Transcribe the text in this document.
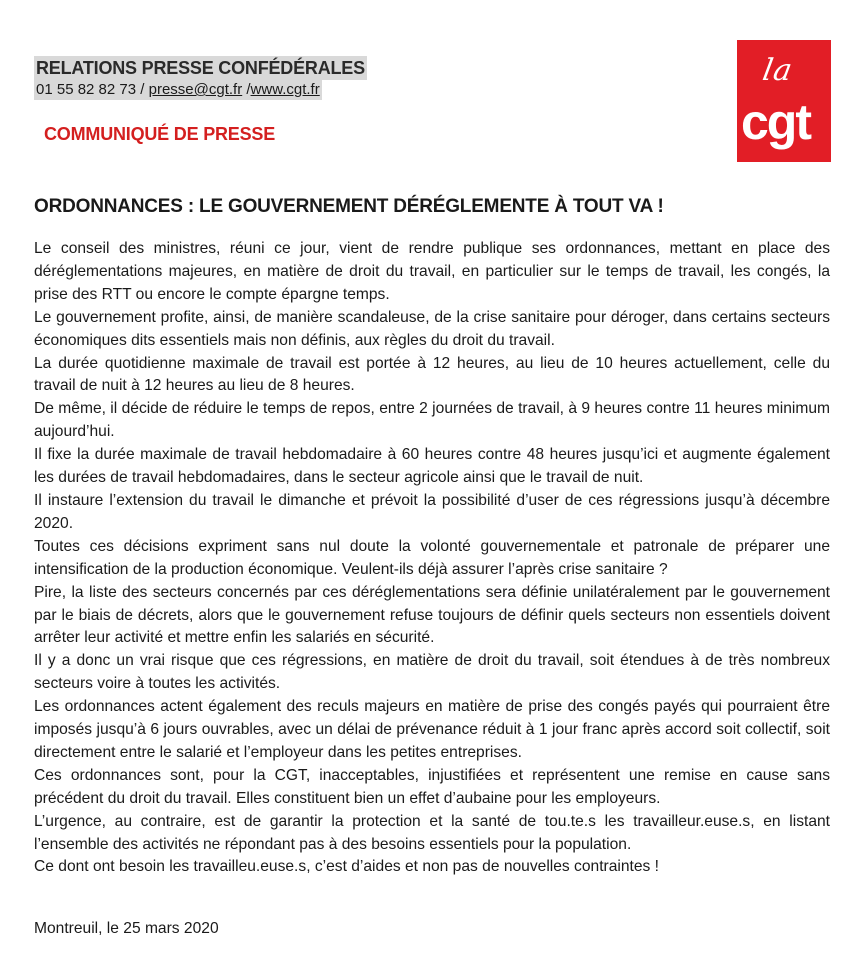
RELATIONS PRESSE CONFÉDÉRALES
01 55 82 82 73 / presse@cgt.fr /www.cgt.fr
COMMUNIQUÉ DE PRESSE
la
cgt
ORDONNANCES : LE GOUVERNEMENT DÉRÉGLEMENTE À TOUT VA !

Le conseil des ministres, réuni ce jour, vient de rendre publique ses ordonnances, mettant en place des déréglementations majeures, en matière de droit du travail, en particulier sur le temps de travail, les congés, la prise des RTT ou encore le compte épargne temps.

Le gouvernement profite, ainsi, de manière scandaleuse, de la crise sanitaire pour déroger, dans certains secteurs économiques dits essentiels mais non définis, aux règles du droit du travail.

La durée quotidienne maximale de travail est portée à 12 heures, au lieu de 10 heures actuellement, celle du travail de nuit à 12 heures au lieu de 8 heures.

De même, il décide de réduire le temps de repos, entre 2 journées de travail, à 9 heures contre 11 heures minimum aujourd’hui.

Il fixe la durée maximale de travail hebdomadaire à 60 heures contre 48 heures jusqu’ici et augmente également les durées de travail hebdomadaires, dans le secteur agricole ainsi que le travail de nuit.

Il instaure l’extension du travail le dimanche et prévoit la possibilité d’user de ces régressions jusqu’à décembre 2020.

Toutes ces décisions expriment sans nul doute la volonté gouvernementale et patronale de préparer une intensification de la production économique. Veulent-ils déjà assurer l’après crise sanitaire ?

Pire, la liste des secteurs concernés par ces déréglementations sera définie unilatéralement par le gouvernement par le biais de décrets, alors que le gouvernement refuse toujours de définir quels secteurs non essentiels doivent arrêter leur activité et mettre enfin les salariés en sécurité.

Il y a donc un vrai risque que ces régressions, en matière de droit du travail, soit étendues à de très nombreux secteurs voire à toutes les activités.

Les ordonnances actent également des reculs majeurs en matière de prise des congés payés qui pourraient être imposés jusqu’à 6 jours ouvrables, avec un délai de prévenance réduit à 1 jour franc après accord soit collectif, soit directement entre le salarié et l’employeur dans les petites entreprises.

Ces ordonnances sont, pour la CGT, inacceptables, injustifiées et représentent une remise en cause sans précédent du droit du travail. Elles constituent bien un effet d’aubaine pour les employeurs.

L’urgence, au contraire, est de garantir la protection et la santé de tou.te.s les travailleur.euse.s, en listant l’ensemble des activités ne répondant pas à des besoins essentiels pour la population.

Ce dont ont besoin les travailleu.euse.s, c’est d’aides et non pas de nouvelles contraintes !

Montreuil, le 25 mars 2020
